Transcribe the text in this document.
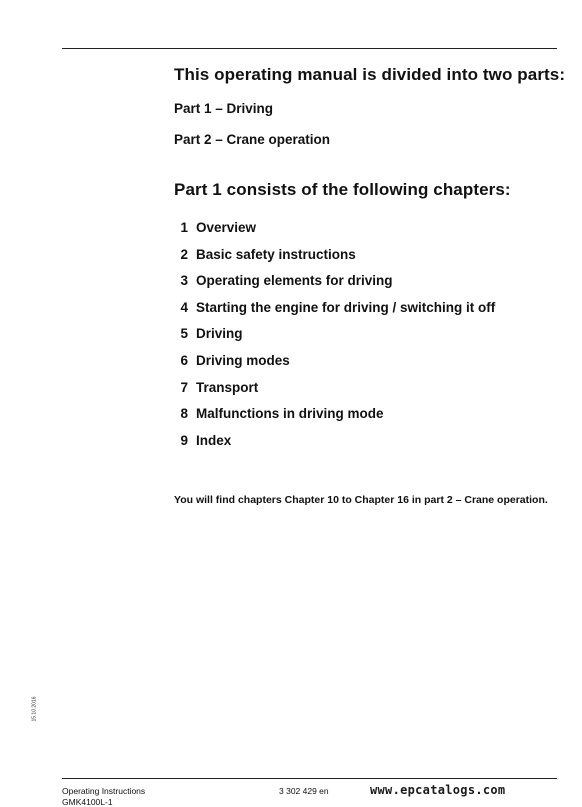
This operating manual is divided into two parts:
Part 1 – Driving
Part 2 – Crane operation
Part 1 consists of the following chapters:
1 Overview
2 Basic safety instructions
3 Operating elements for driving
4 Starting the engine for driving / switching it off
5 Driving
6 Driving modes
7 Transport
8 Malfunctions in driving mode
9 Index
You will find chapters Chapter 10 to Chapter 16 in part 2 – Crane operation.
15.10.2016
Operating Instructions
GMK4100L-1
3 302 429 en	www.epcatalogs.com
